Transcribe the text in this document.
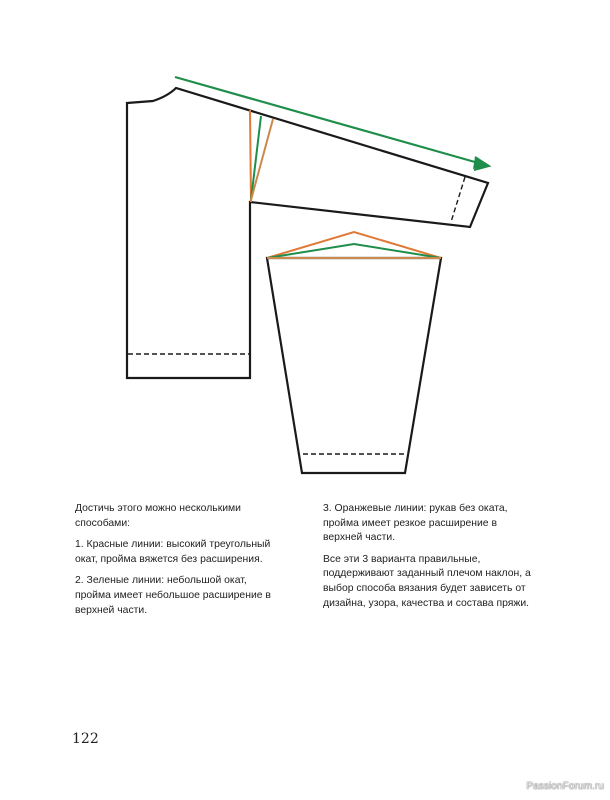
Достичь этого можно несколькими способами:

1. Красные линии: высокий треугольный окат, пройма вяжется без расширения.

2. Зеленые линии: небольшой окат, пройма имеет небольшое расширение в верхней части.

3. Оранжевые линии: рукав без оката, пройма имеет резкое расширение в верхней части.

Все эти 3 варианта правильные, поддерживают заданный плечом наклон, а выбор способа вязания будет зависеть от дизайна, узора, качества и состава пряжи.

122
PassionForum.ru
